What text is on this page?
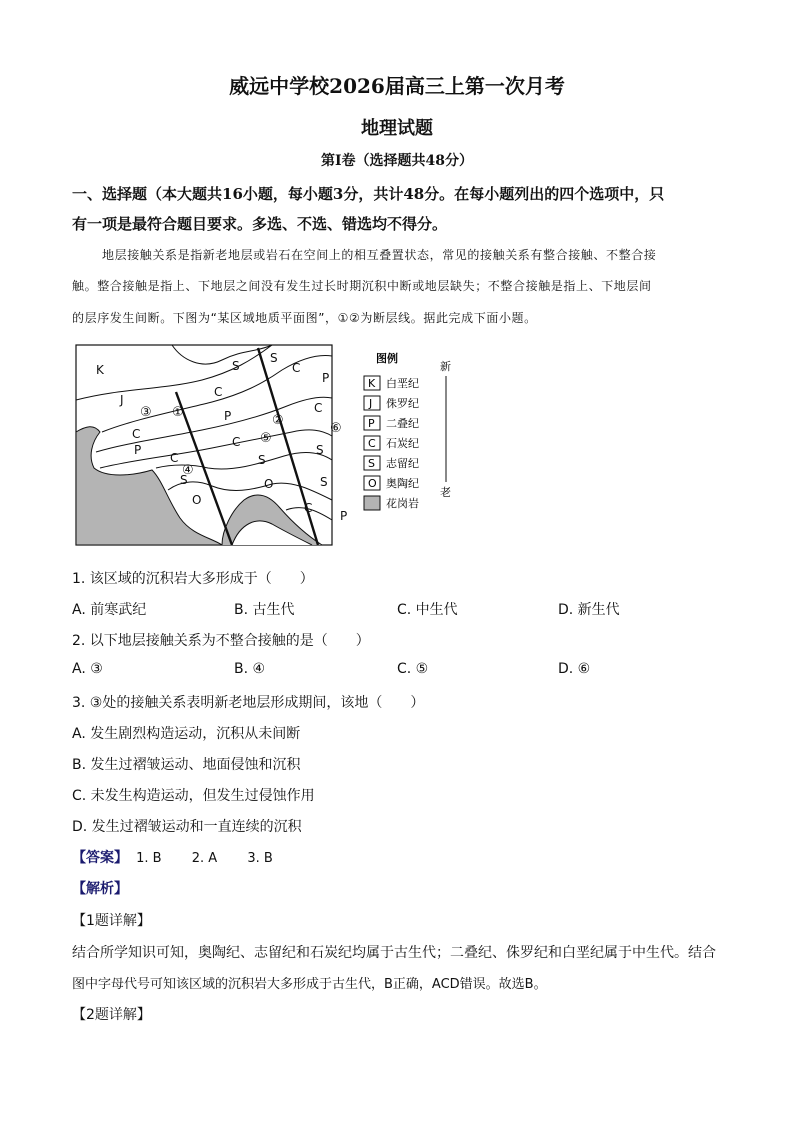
威远中学校2026届高三上第一次月考
地理试题
第Ⅰ卷（选择题共48分）
一、选择题（本大题共16小题，每小题3分，共计48分。在每小题列出的四个选项中，只
有一项是最符合题目要求。多选、不选、错选均不得分。
地层接触关系是指新老地层或岩石在空间上的相互叠置状态，常见的接触关系有整合接触、不整合接
触。整合接触是指上、下地层之间没有发生过长时期沉积中断或地层缺失；不整合接触是指上、下地层间
的层序发生间断。下图为“某区域地质平面图”，①②为断层线。据此完成下面小题。
K
J
C
P
C
S
O
S
C
P
C
S
O
S
C
P
C
S
S
C
P
③ ①
②
④
⑤
⑥
图例
K 白垩纪
J 侏罗纪
P 二叠纪
C 石炭纪
S 志留纪
O 奥陶纪
花岗岩
新
老
1. 该区域的沉积岩大多形成于（　　）
A. 前寒武纪	B. 古生代	C. 中生代	D. 新生代
2. 以下地层接触关系为不整合接触的是（　　）
A. ③	B. ④	C. ⑤	D. ⑥
3. ③处的接触关系表明新老地层形成期间，该地（　　）
A. 发生剧烈构造运动，沉积从未间断
B. 发生过褶皱运动、地面侵蚀和沉积
C. 未发生构造运动，但发生过侵蚀作用
D. 发生过褶皱运动和一直连续的沉积
【答案】 1. B 2. A 3. B
【解析】
【1题详解】
结合所学知识可知，奥陶纪、志留纪和石炭纪均属于古生代；二叠纪、侏罗纪和白垩纪属于中生代。结合
图中字母代号可知该区域的沉积岩大多形成于古生代，B正确，ACD错误。故选B。
【2题详解】
